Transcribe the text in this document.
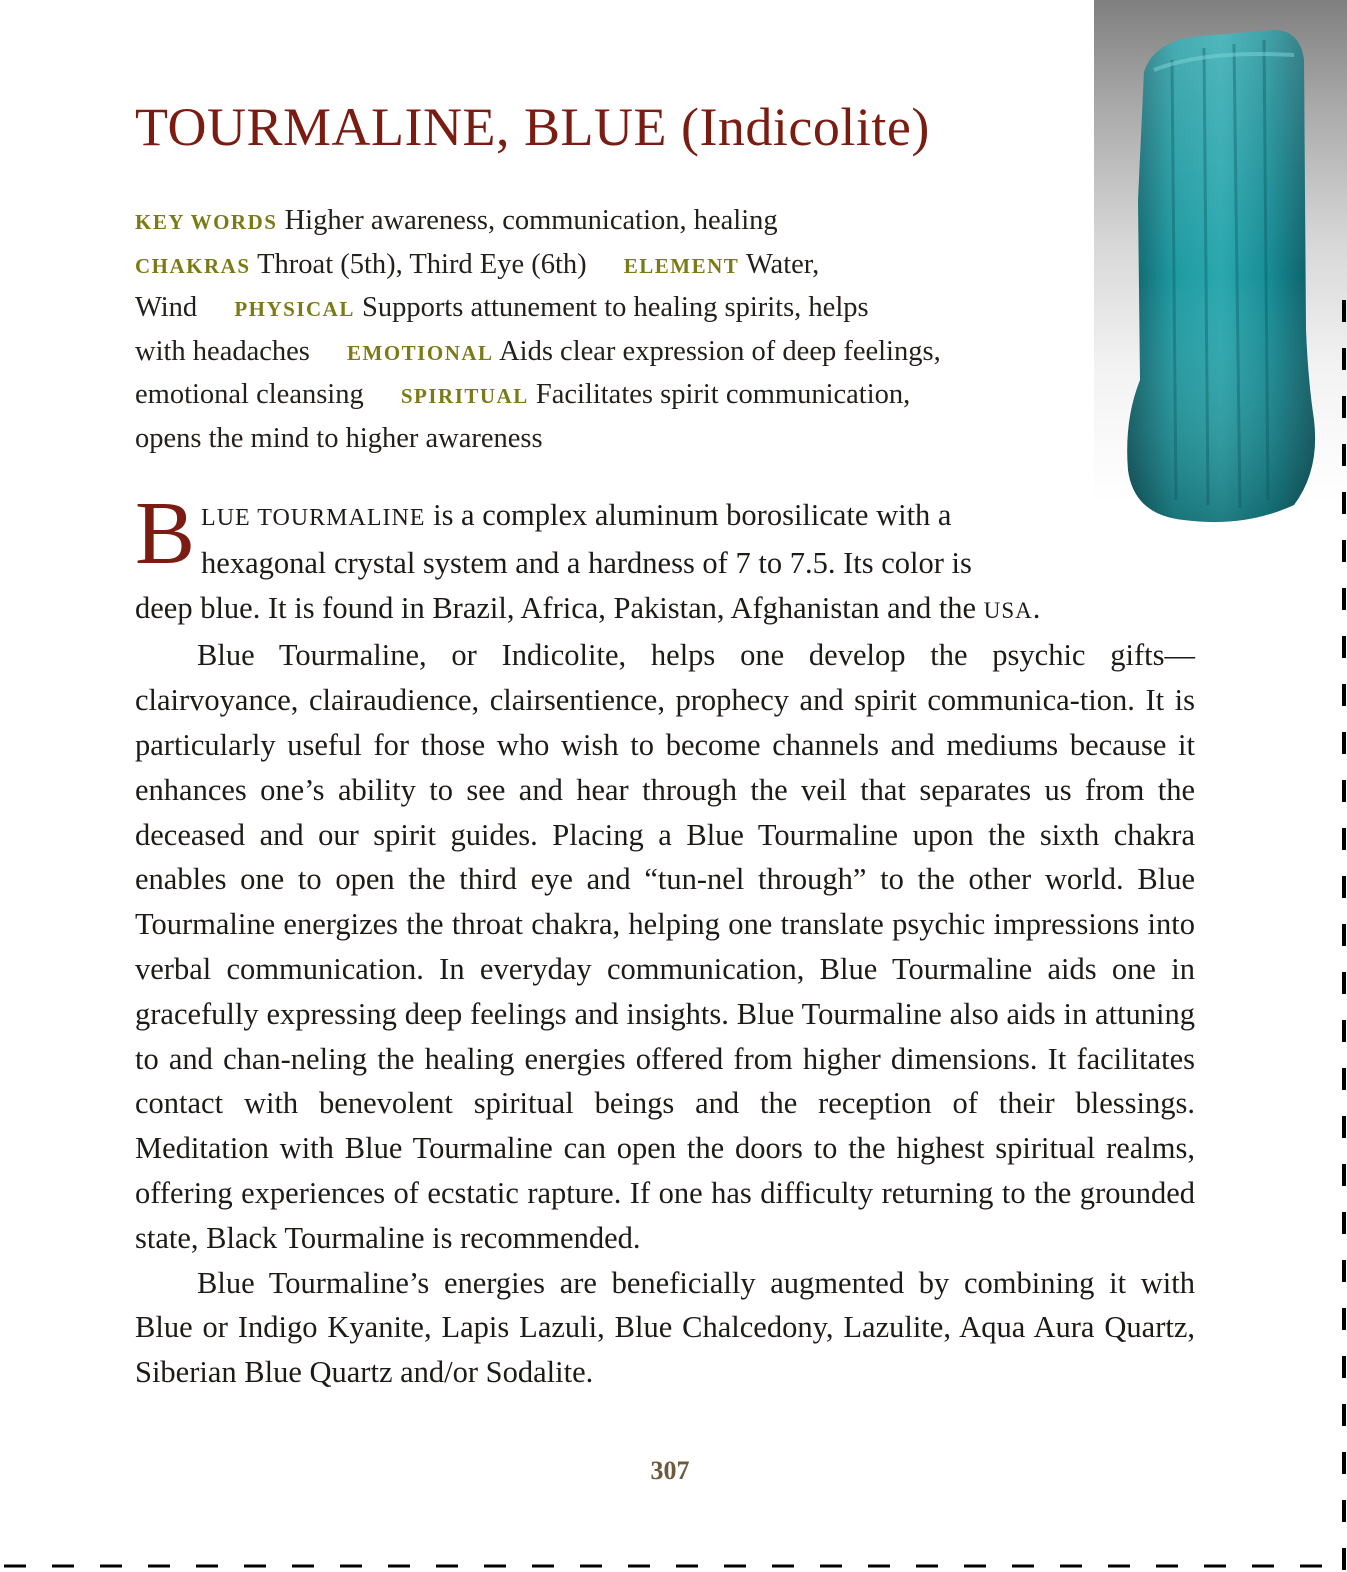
TOURMALINE, BLUE (Indicolite)

KEY WORDS Higher awareness, communication, healing
CHAKRAS Throat (5th), Third Eye (6th) ELEMENT Water,
Wind PHYSICAL Supports attunement to healing spirits, helps
with headaches EMOTIONAL Aids clear expression of deep feelings,
emotional cleansing SPIRITUAL Facilitates spirit communication,
opens the mind to higher awareness

BLUE TOURMALINE is a complex aluminum borosilicate with a
hexagonal crystal system and a hardness of 7 to 7.5. Its color is

deep blue. It is found in Brazil, Africa, Pakistan, Afghanistan and the USA.

Blue Tourmaline, or Indicolite, helps one develop the psychic gifts—clairvoyance, clairaudience, clairsentience, prophecy and spirit communica-tion. It is particularly useful for those who wish to become channels and mediums because it enhances one’s ability to see and hear through the veil that separates us from the deceased and our spirit guides. Placing a Blue Tourmaline upon the sixth chakra enables one to open the third eye and “tun-nel through” to the other world. Blue Tourmaline energizes the throat chakra, helping one translate psychic impressions into verbal communication. In everyday communication, Blue Tourmaline aids one in gracefully expressing deep feelings and insights. Blue Tourmaline also aids in attuning to and chan-neling the healing energies offered from higher dimensions. It facilitates contact with benevolent spiritual beings and the reception of their blessings. Meditation with Blue Tourmaline can open the doors to the highest spiritual realms, offering experiences of ecstatic rapture. If one has difficulty returning to the grounded state, Black Tourmaline is recommended.

Blue Tourmaline’s energies are beneficially augmented by combining it with Blue or Indigo Kyanite, Lapis Lazuli, Blue Chalcedony, Lazulite, Aqua Aura Quartz, Siberian Blue Quartz and/or Sodalite.

307
